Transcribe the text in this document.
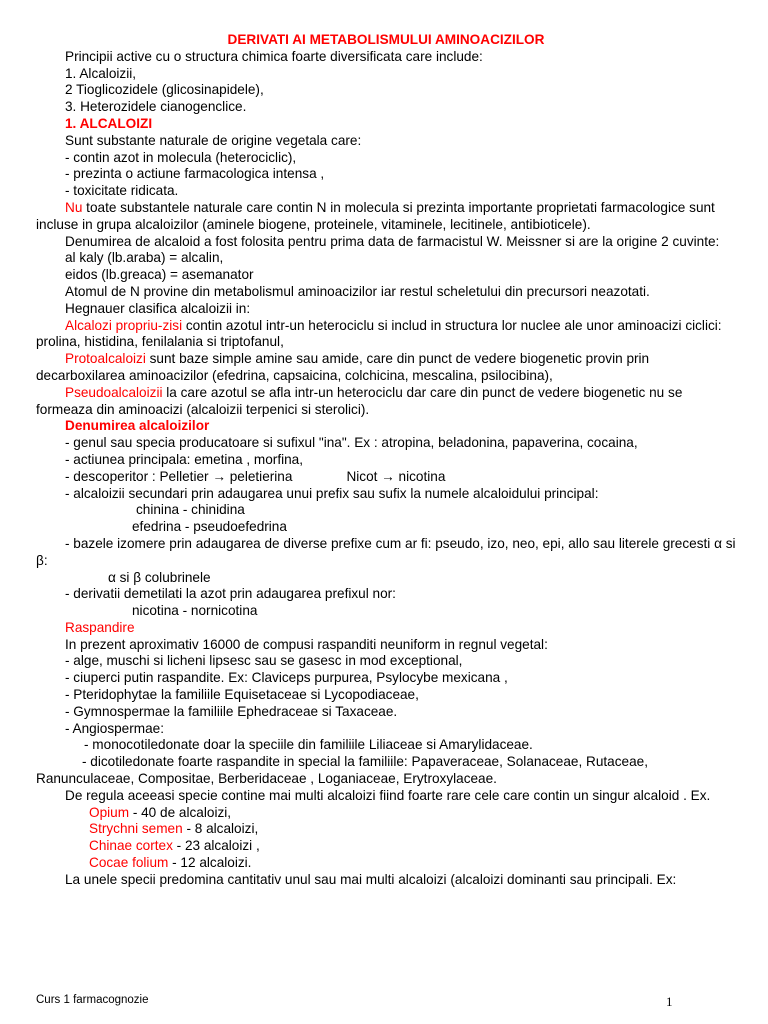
DERIVATI AI METABOLISMULUI AMINOACIZILOR
Principii active cu o structura chimica foarte diversificata care include:
1. Alcaloizii,
2 Tioglicozidele (glicosinapidele),
3. Heterozidele cianogenclice.
1. ALCALOIZI
Sunt substante naturale de origine vegetala care:
- contin azot in molecula (heterociclic),
- prezinta o actiune farmacologica intensa ,
- toxicitate ridicata.
Nu toate substantele naturale care contin N in molecula si prezinta importante proprietati farmacologice sunt incluse in grupa alcaloizilor (aminele biogene, proteinele, vitaminele, lecitinele, antibioticele).
Denumirea de alcaloid a fost folosita pentru prima data de farmacistul W. Meissner si are la origine 2 cuvinte:
al kaly (lb.araba) = alcalin,
eidos (lb.greaca) = asemanator
Atomul de N provine din metabolismul aminoacizilor iar restul scheletului din precursori neazotati.
Hegnauer clasifica alcaloizii in:
Alcalozi propriu-zisi contin azotul intr-un heterociclu si includ in structura lor nuclee ale unor aminoacizi ciclici: prolina, histidina, fenilalania si triptofanul,
Protoalcaloizi sunt baze simple amine sau amide, care din punct de vedere biogenetic provin prin decarboxilarea aminoacizilor (efedrina, capsaicina, colchicina, mescalina, psilocibina),
Pseudoalcaloizii la care azotul se afla intr-un heterociclu dar care din punct de vedere biogenetic nu se formeaza din aminoacizi (alcaloizii terpenici si sterolici).
Denumirea alcaloizilor
- genul sau specia producatoare si sufixul "ina". Ex : atropina, beladonina, papaverina, cocaina,
- actiunea principala: emetina , morfina,
- descoperitor : Pelletier → peletierina	Nicot → nicotina
- alcaloizii secundari prin adaugarea unui prefix sau sufix la numele alcaloidului principal:
chinina - chinidina
efedrina - pseudoefedrina
- bazele izomere prin adaugarea de diverse prefixe cum ar fi: pseudo, izo, neo, epi, allo sau literele grecesti α si β:
α si β colubrinele
- derivatii demetilati la azot prin adaugarea prefixul nor:
nicotina - nornicotina
Raspandire
In prezent aproximativ 16000 de compusi raspanditi neuniform in regnul vegetal:
- alge, muschi si licheni lipsesc sau se gasesc in mod exceptional,
- ciuperci putin raspandite. Ex: Claviceps purpurea, Psylocybe mexicana ,
- Pteridophytae la familiile Equisetaceae si Lycopodiaceae,
- Gymnospermae la familiile Ephedraceae si Taxaceae.
- Angiospermae:
- monocotiledonate doar la speciile din familiile Liliaceae si Amarylidaceae.
- dicotiledonate foarte raspandite in special la familiile: Papaveraceae, Solanaceae, Rutaceae, Ranunculaceae, Compositae, Berberidaceae , Loganiaceae, Erytroxylaceae.
De regula aceeasi specie contine mai multi alcaloizi fiind foarte rare cele care contin un singur alcaloid . Ex.
Opium - 40 de alcaloizi,
Strychni semen - 8 alcaloizi,
Chinae cortex - 23 alcaloizi ,
Cocae folium - 12 alcaloizi.
La unele specii predomina cantitativ unul sau mai multi alcaloizi (alcaloizi dominanti sau principali. Ex:
Curs 1 farmacognozie	1
